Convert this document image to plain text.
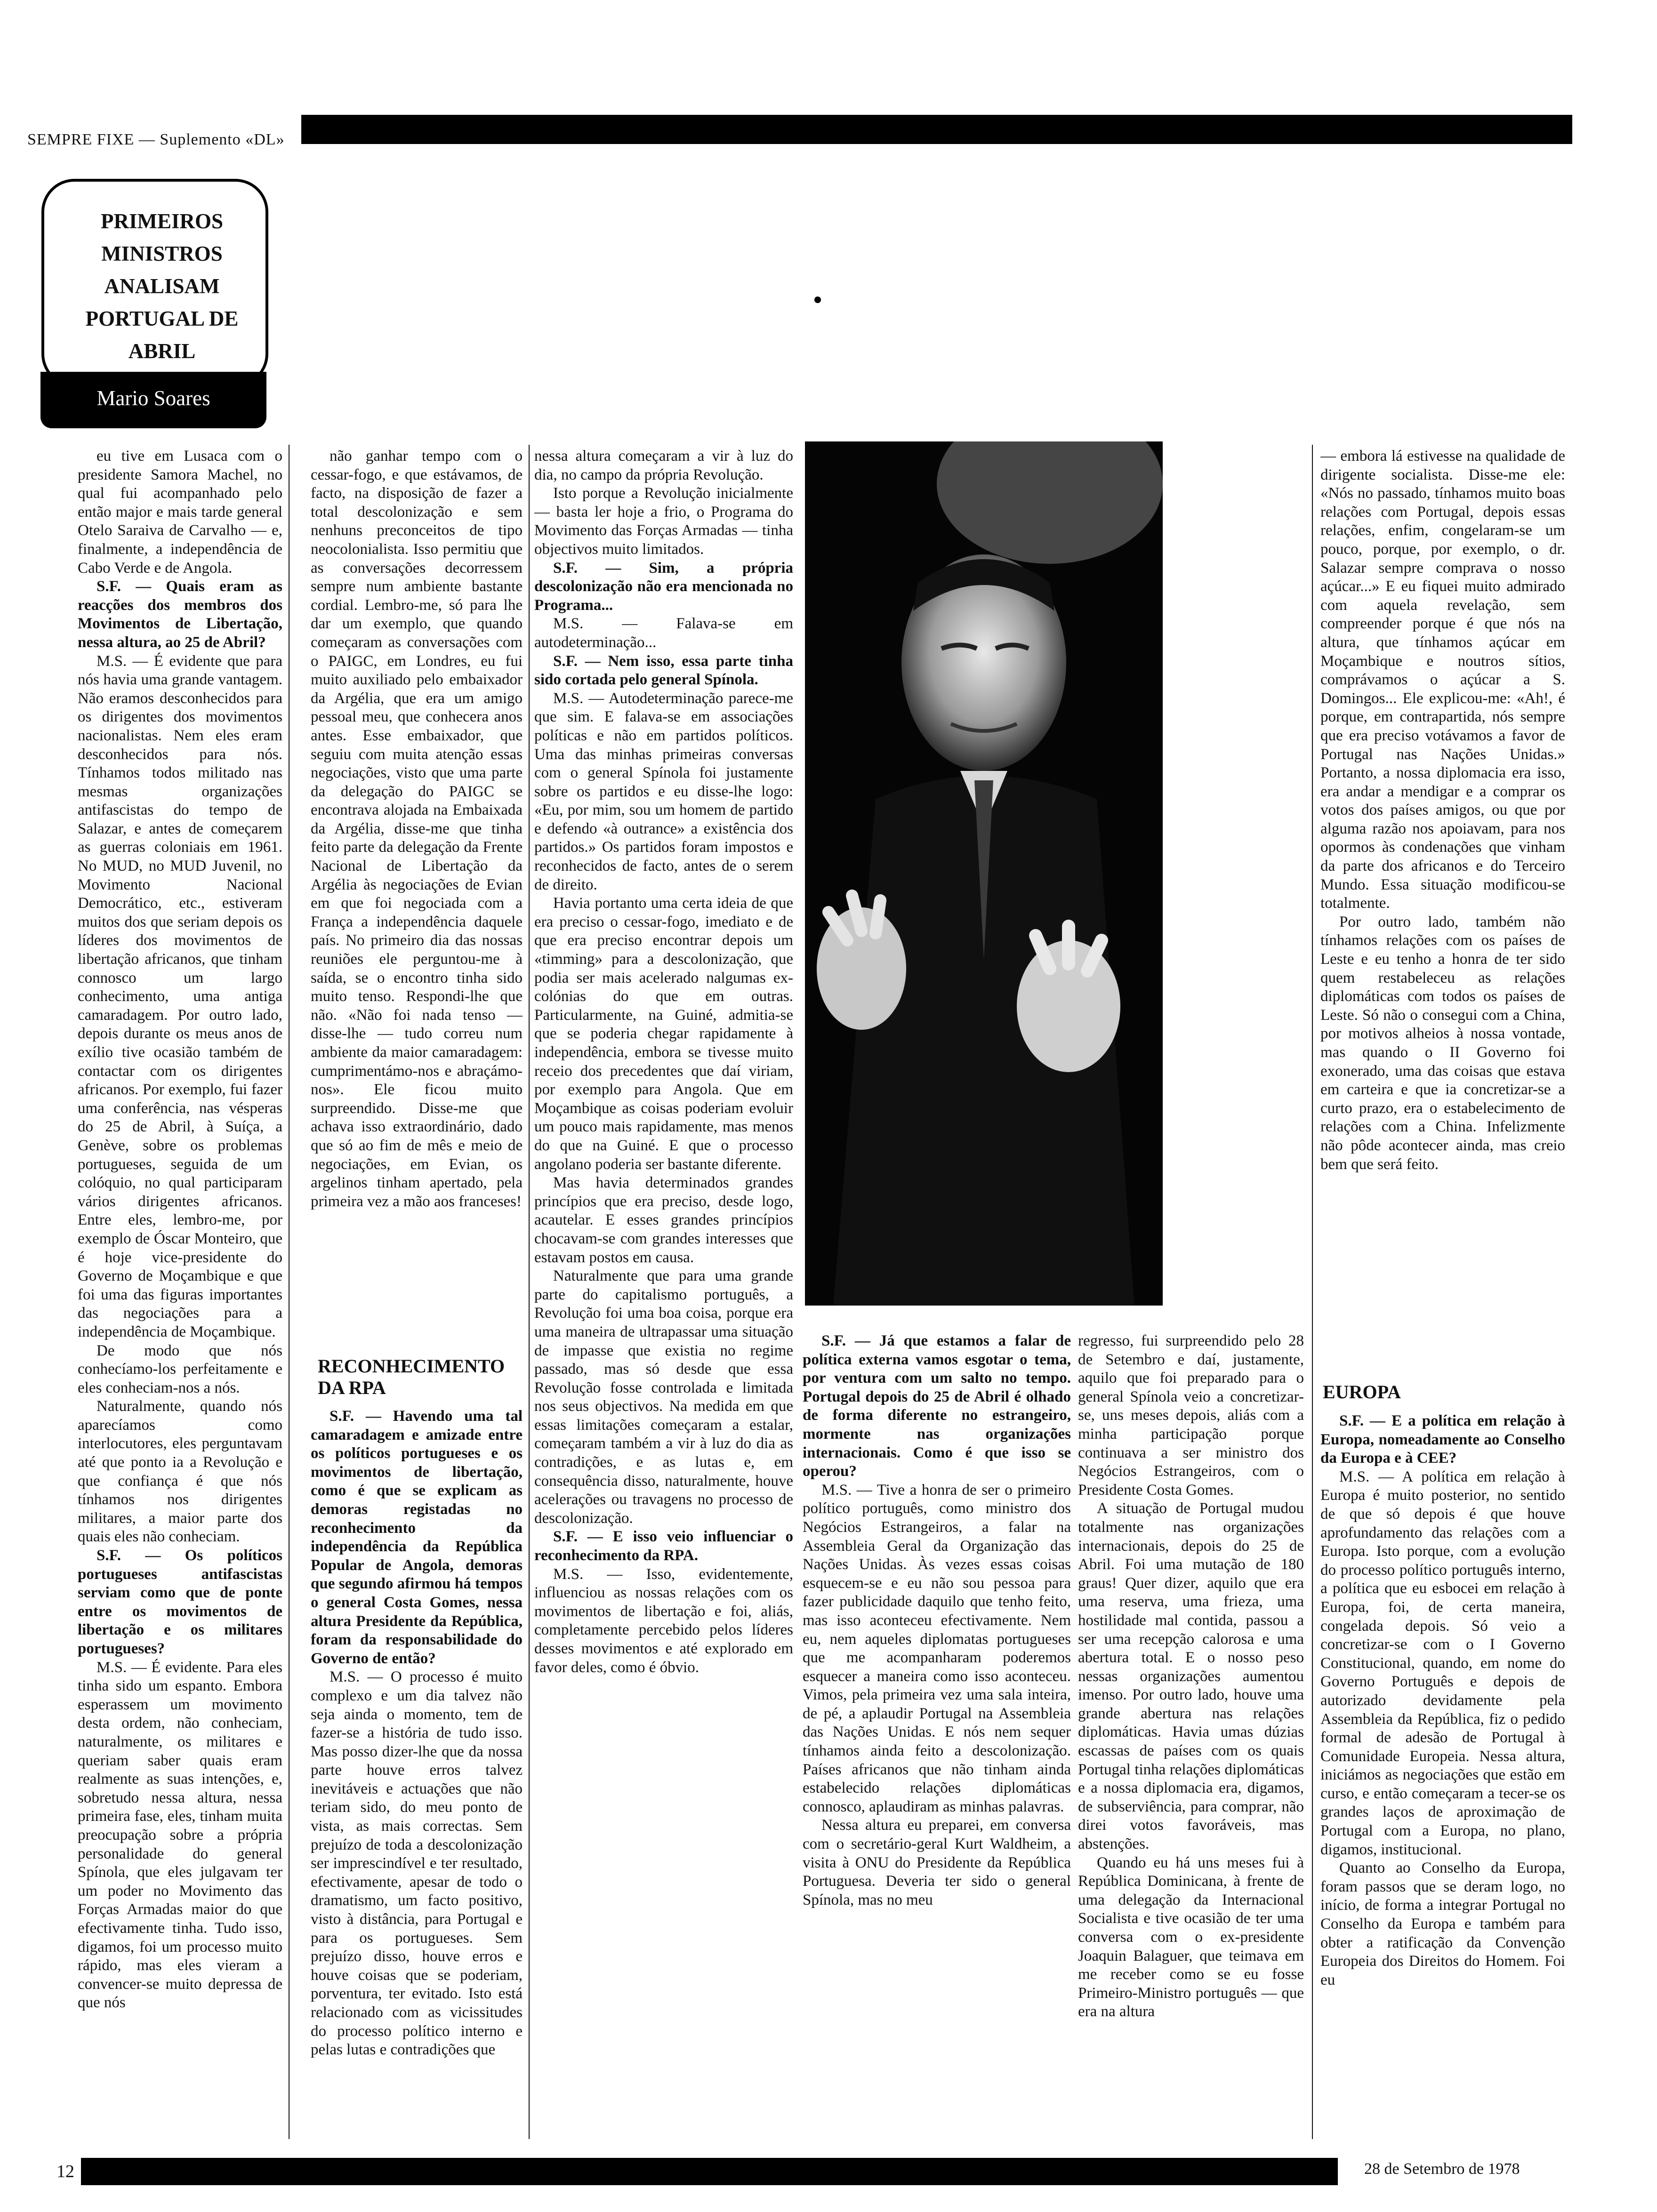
SEMPRE FIXE — Suplemento «DL»
PRIMEIROS MINISTROS ANALISAM PORTUGAL DE ABRIL
Mario Soares

eu tive em Lusaca com o presidente Samora Machel, no qual fui acompanhado pelo então major e mais tarde general Otelo Saraiva de Carvalho — e, finalmente, a independência de Cabo Verde e de Angola.

S.F. — Quais eram as reacções dos membros dos Movimentos de Libertação, nessa altura, ao 25 de Abril?

M.S. — É evidente que para nós havia uma grande vantagem. Não eramos desconhecidos para os dirigentes dos movimentos nacionalistas. Nem eles eram desconhecidos para nós. Tínhamos todos militado nas mesmas organizações antifascistas do tempo de Salazar, e antes de começarem as guerras coloniais em 1961. No MUD, no MUD Juvenil, no Movimento Nacional Democrático, etc., estiveram muitos dos que seriam depois os líderes dos movimentos de libertação africanos, que tinham connosco um largo conhecimento, uma antiga camaradagem. Por outro lado, depois durante os meus anos de exílio tive ocasião também de contactar com os dirigentes africanos. Por exemplo, fui fazer uma conferência, nas vésperas do 25 de Abril, à Suíça, a Genève, sobre os problemas portugueses, seguida de um colóquio, no qual participaram vários dirigentes africanos. Entre eles, lembro-me, por exemplo de Óscar Monteiro, que é hoje vice-presidente do Governo de Moçambique e que foi uma das figuras importantes das negociações para a independência de Moçambique.

De modo que nós conhecíamo-los perfeitamente e eles conheciam-nos a nós.

Naturalmente, quando nós aparecíamos como interlocutores, eles perguntavam até que ponto ia a Revolução e que confiança é que nós tínhamos nos dirigentes militares, a maior parte dos quais eles não conheciam.

S.F. — Os políticos portugueses antifascistas serviam como que de ponte entre os movimentos de libertação e os militares portugueses?

M.S. — É evidente. Para eles tinha sido um espanto. Embora esperassem um movimento desta ordem, não conheciam, naturalmente, os militares e queriam saber quais eram realmente as suas intenções, e, sobretudo nessa altura, nessa primeira fase, eles, tinham muita preocupação sobre a própria personalidade do general Spínola, que eles julgavam ter um poder no Movimento das Forças Armadas maior do que efectivamente tinha. Tudo isso, digamos, foi um processo muito rápido, mas eles vieram a convencer-se muito depressa de que nós

não ganhar tempo com o cessar-fogo, e que estávamos, de facto, na disposição de fazer a total descolonização e sem nenhuns preconceitos de tipo neocolonialista. Isso permitiu que as conversações decorressem sempre num ambiente bastante cordial. Lembro-me, só para lhe dar um exemplo, que quando começaram as conversações com o PAIGC, em Londres, eu fui muito auxiliado pelo embaixador da Argélia, que era um amigo pessoal meu, que conhecera anos antes. Esse embaixador, que seguiu com muita atenção essas negociações, visto que uma parte da delegação do PAIGC se encontrava alojada na Embaixada da Argélia, disse-me que tinha feito parte da delegação da Frente Nacional de Libertação da Argélia às negociações de Evian em que foi negociada com a França a independência daquele país. No primeiro dia das nossas reuniões ele perguntou-me à saída, se o encontro tinha sido muito tenso. Respondi-lhe que não. «Não foi nada tenso — disse-lhe — tudo correu num ambiente da maior camaradagem: cumprimentámo-nos e abraçámo-nos». Ele ficou muito surpreendido. Disse-me que achava isso extraordinário, dado que só ao fim de mês e meio de negociações, em Evian, os argelinos tinham apertado, pela primeira vez a mão aos franceses!

RECONHECIMENTO DA RPA

S.F. — Havendo uma tal camaradagem e amizade entre os políticos portugueses e os movimentos de libertação, como é que se explicam as demoras registadas no reconhecimento da independência da República Popular de Angola, demoras que segundo afirmou há tempos o general Costa Gomes, nessa altura Presidente da República, foram da responsabilidade do Governo de então?

M.S. — O processo é muito complexo e um dia talvez não seja ainda o momento, tem de fazer-se a história de tudo isso. Mas posso dizer-lhe que da nossa parte houve erros talvez inevitáveis e actuações que não teriam sido, do meu ponto de vista, as mais correctas. Sem prejuízo de toda a descolonização ser imprescindível e ter resultado, efectivamente, apesar de todo o dramatismo, um facto positivo, visto à distância, para Portugal e para os portugueses. Sem prejuízo disso, houve erros e houve coisas que se poderiam, porventura, ter evitado. Isto está relacionado com as vicissitudes do processo político interno e pelas lutas e contradições que

nessa altura começaram a vir à luz do dia, no campo da própria Revolução.

Isto porque a Revolução inicialmente — basta ler hoje a frio, o Programa do Movimento das Forças Armadas — tinha objectivos muito limitados.

S.F. — Sim, a própria descolonização não era mencionada no Programa...

M.S. — Falava-se em autodeterminação...

S.F. — Nem isso, essa parte tinha sido cortada pelo general Spínola.

M.S. — Autodeterminação parece-me que sim. E falava-se em associações políticas e não em partidos políticos. Uma das minhas primeiras conversas com o general Spínola foi justamente sobre os partidos e eu disse-lhe logo: «Eu, por mim, sou um homem de partido e defendo «à outrance» a existência dos partidos.» Os partidos foram impostos e reconhecidos de facto, antes de o serem de direito.

Havia portanto uma certa ideia de que era preciso o cessar-fogo, imediato e de que era preciso encontrar depois um «timming» para a descolonização, que podia ser mais acelerado nalgumas ex-colónias do que em outras. Particularmente, na Guiné, admitia-se que se poderia chegar rapidamente à independência, embora se tivesse muito receio dos precedentes que daí viriam, por exemplo para Angola. Que em Moçambique as coisas poderiam evoluir um pouco mais rapidamente, mas menos do que na Guiné. E que o processo angolano poderia ser bastante diferente.

Mas havia determinados grandes princípios que era preciso, desde logo, acautelar. E esses grandes princípios chocavam-se com grandes interesses que estavam postos em causa.

Naturalmente que para uma grande parte do capitalismo português, a Revolução foi uma boa coisa, porque era uma maneira de ultrapassar uma situação de impasse que existia no regime passado, mas só desde que essa Revolução fosse controlada e limitada nos seus objectivos. Na medida em que essas limitações começaram a estalar, começaram também a vir à luz do dia as contradições, e as lutas e, em consequência disso, naturalmente, houve acelerações ou travagens no processo de descolonização.

S.F. — E isso veio influenciar o reconhecimento da RPA.

M.S. — Isso, evidentemente, influenciou as nossas relações com os movimentos de libertação e foi, aliás, completamente percebido pelos líderes desses movimentos e até explorado em favor deles, como é óbvio.

S.F. — Já que estamos a falar de política externa vamos esgotar o tema, por ventura com um salto no tempo. Portugal depois do 25 de Abril é olhado de forma diferente no estrangeiro, mormente nas organizações internacionais. Como é que isso se operou?

M.S. — Tive a honra de ser o primeiro político português, como ministro dos Negócios Estrangeiros, a falar na Assembleia Geral da Organização das Nações Unidas. Às vezes essas coisas esquecem-se e eu não sou pessoa para fazer publicidade daquilo que tenho feito, mas isso aconteceu efectivamente. Nem eu, nem aqueles diplomatas portugueses que me acompanharam poderemos esquecer a maneira como isso aconteceu. Vimos, pela primeira vez uma sala inteira, de pé, a aplaudir Portugal na Assembleia das Nações Unidas. E nós nem sequer tínhamos ainda feito a descolonização. Países africanos que não tinham ainda estabelecido relações diplomáticas connosco, aplaudiram as minhas palavras.

Nessa altura eu preparei, em conversa com o secretário-geral Kurt Waldheim, a visita à ONU do Presidente da República Portuguesa. Deveria ter sido o general Spínola, mas no meu

regresso, fui surpreendido pelo 28 de Setembro e daí, justamente, aquilo que foi preparado para o general Spínola veio a concretizar-se, uns meses depois, aliás com a minha participação porque continuava a ser ministro dos Negócios Estrangeiros, com o Presidente Costa Gomes.

A situação de Portugal mudou totalmente nas organizações internacionais, depois do 25 de Abril. Foi uma mutação de 180 graus! Quer dizer, aquilo que era uma reserva, uma frieza, uma hostilidade mal contida, passou a ser uma recepção calorosa e uma abertura total. E o nosso peso nessas organizações aumentou imenso. Por outro lado, houve uma grande abertura nas relações diplomáticas. Havia umas dúzias escassas de países com os quais Portugal tinha relações diplomáticas e a nossa diplomacia era, digamos, de subserviência, para comprar, não direi votos favoráveis, mas abstenções.

Quando eu há uns meses fui à República Dominicana, à frente de uma delegação da Internacional Socialista e tive ocasião de ter uma conversa com o ex-presidente Joaquin Balaguer, que teimava em me receber como se eu fosse Primeiro-Ministro português — que era na altura

— embora lá estivesse na qualidade de dirigente socialista. Disse-me ele: «Nós no passado, tínhamos muito boas relações com Portugal, depois essas relações, enfim, congelaram-se um pouco, porque, por exemplo, o dr. Salazar sempre comprava o nosso açúcar...» E eu fiquei muito admirado com aquela revelação, sem compreender porque é que nós na altura, que tínhamos açúcar em Moçambique e noutros sítios, comprávamos o açúcar a S. Domingos... Ele explicou-me: «Ah!, é porque, em contrapartida, nós sempre que era preciso votávamos a favor de Portugal nas Nações Unidas.» Portanto, a nossa diplomacia era isso, era andar a mendigar e a comprar os votos dos países amigos, ou que por alguma razão nos apoiavam, para nos opormos às condenações que vinham da parte dos africanos e do Terceiro Mundo. Essa situação modificou-se totalmente.

Por outro lado, também não tínhamos relações com os países de Leste e eu tenho a honra de ter sido quem restabeleceu as relações diplomáticas com todos os países de Leste. Só não o consegui com a China, por motivos alheios à nossa vontade, mas quando o II Governo foi exonerado, uma das coisas que estava em carteira e que ia concretizar-se a curto prazo, era o estabelecimento de relações com a China. Infelizmente não pôde acontecer ainda, mas creio bem que será feito.

EUROPA

S.F. — E a política em relação à Europa, nomeadamente ao Conselho da Europa e à CEE?

M.S. — A política em relação à Europa é muito posterior, no sentido de que só depois é que houve aprofundamento das relações com a Europa. Isto porque, com a evolução do processo político português interno, a política que eu esbocei em relação à Europa, foi, de certa maneira, congelada depois. Só veio a concretizar-se com o I Governo Constitucional, quando, em nome do Governo Português e depois de autorizado devidamente pela Assembleia da República, fiz o pedido formal de adesão de Portugal à Comunidade Europeia. Nessa altura, iniciámos as negociações que estão em curso, e então começaram a tecer-se os grandes laços de aproximação de Portugal com a Europa, no plano, digamos, institucional.

Quanto ao Conselho da Europa, foram passos que se deram logo, no início, de forma a integrar Portugal no Conselho da Europa e também para obter a ratificação da Convenção Europeia dos Direitos do Homem. Foi eu

12	28 de Setembro de 1978
